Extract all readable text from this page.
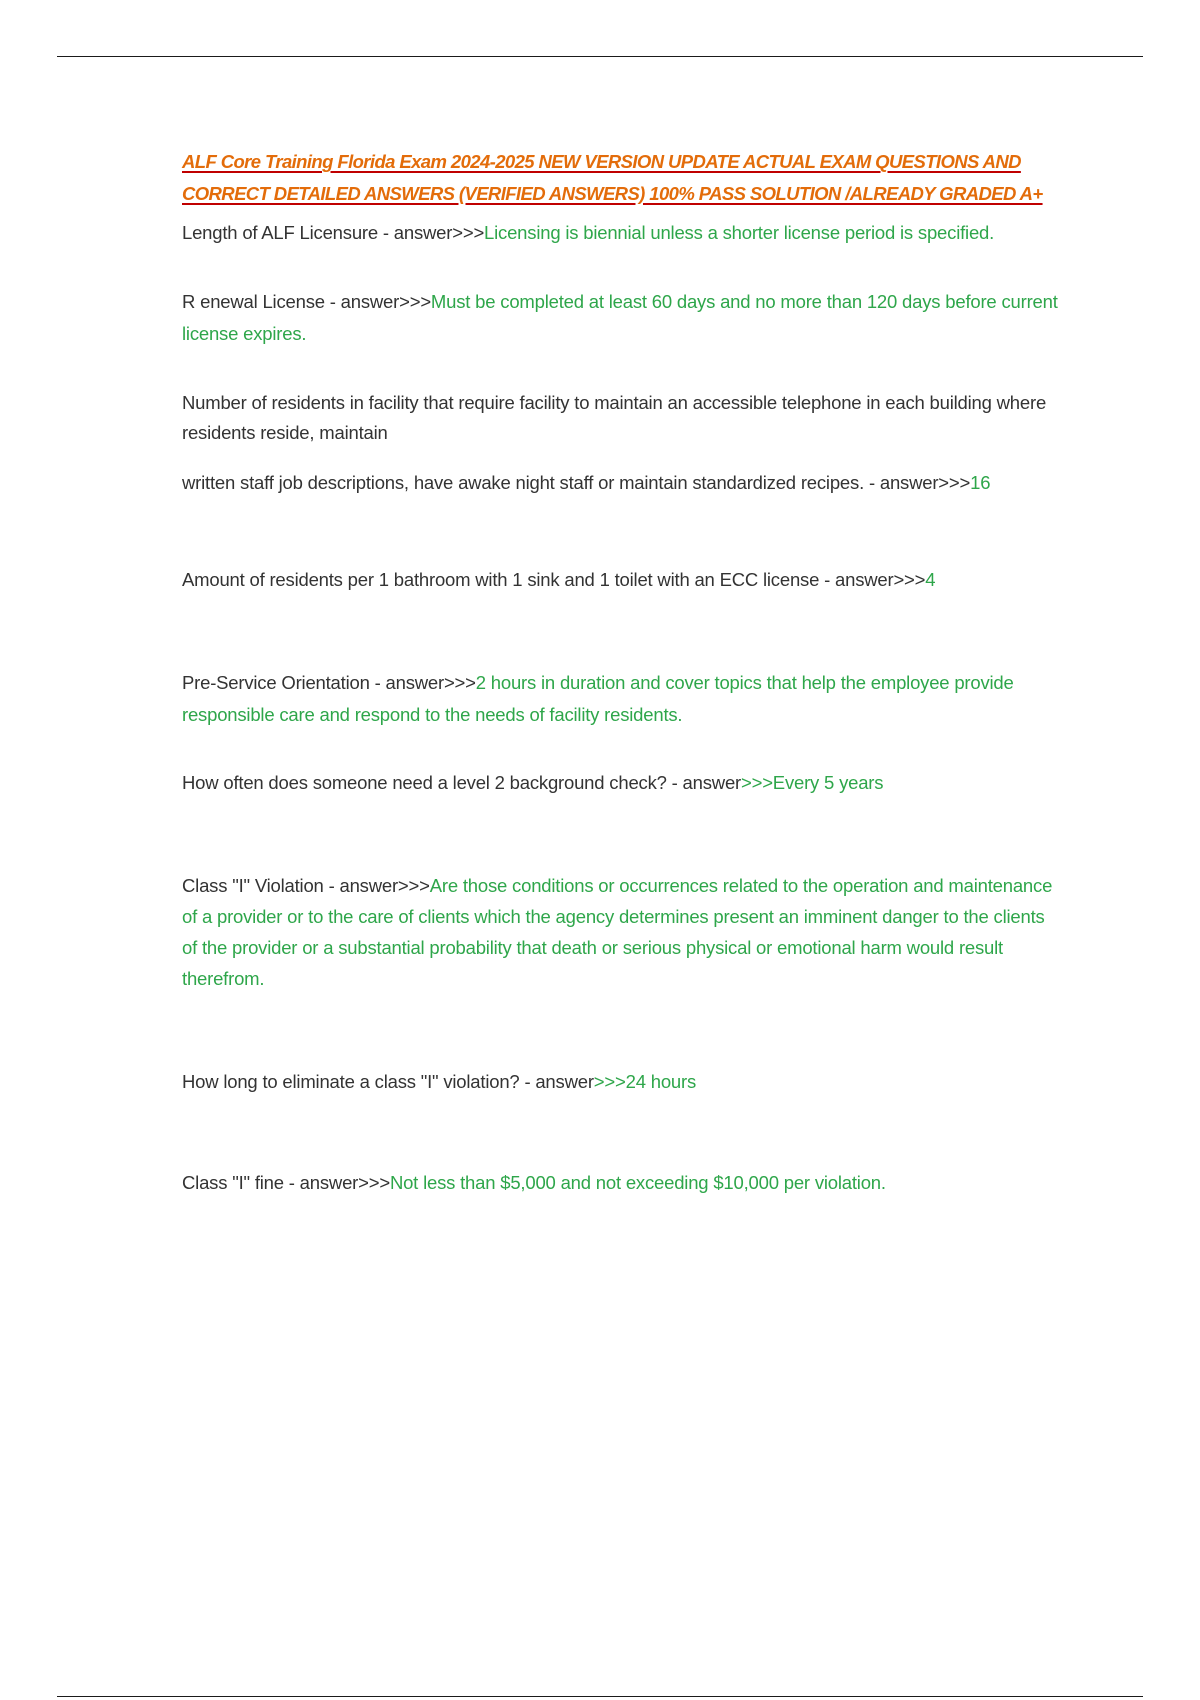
ALF Core Training Florida Exam 2024-2025 NEW VERSION UPDATE ACTUAL EXAM QUESTIONS AND CORRECT DETAILED ANSWERS (VERIFIED ANSWERS) 100% PASS SOLUTION /ALREADY GRADED A+

Length of ALF Licensure - answer>>>Licensing is biennial unless a shorter license period is specified.

R enewal License - answer>>>Must be completed at least 60 days and no more than 120 days before current license expires.

Number of residents in facility that require facility to maintain an accessible telephone in each building where residents reside, maintain

written staff job descriptions, have awake night staff or maintain standardized recipes. - answer>>>16

Amount of residents per 1 bathroom with 1 sink and 1 toilet with an ECC license - answer>>>4

Pre-Service Orientation - answer>>>2 hours in duration and cover topics that help the employee provide responsible care and respond to the needs of facility residents.

How often does someone need a level 2 background check? - answer>>>Every 5 years

Class "I" Violation - answer>>>Are those conditions or occurrences related to the operation and maintenance of a provider or to the care of clients which the agency determines present an imminent danger to the clients of the provider or a substantial probability that death or serious physical or emotional harm would result therefrom.

How long to eliminate a class "I" violation? - answer>>>24 hours

Class "I" fine - answer>>>Not less than $5,000 and not exceeding $10,000 per violation.
